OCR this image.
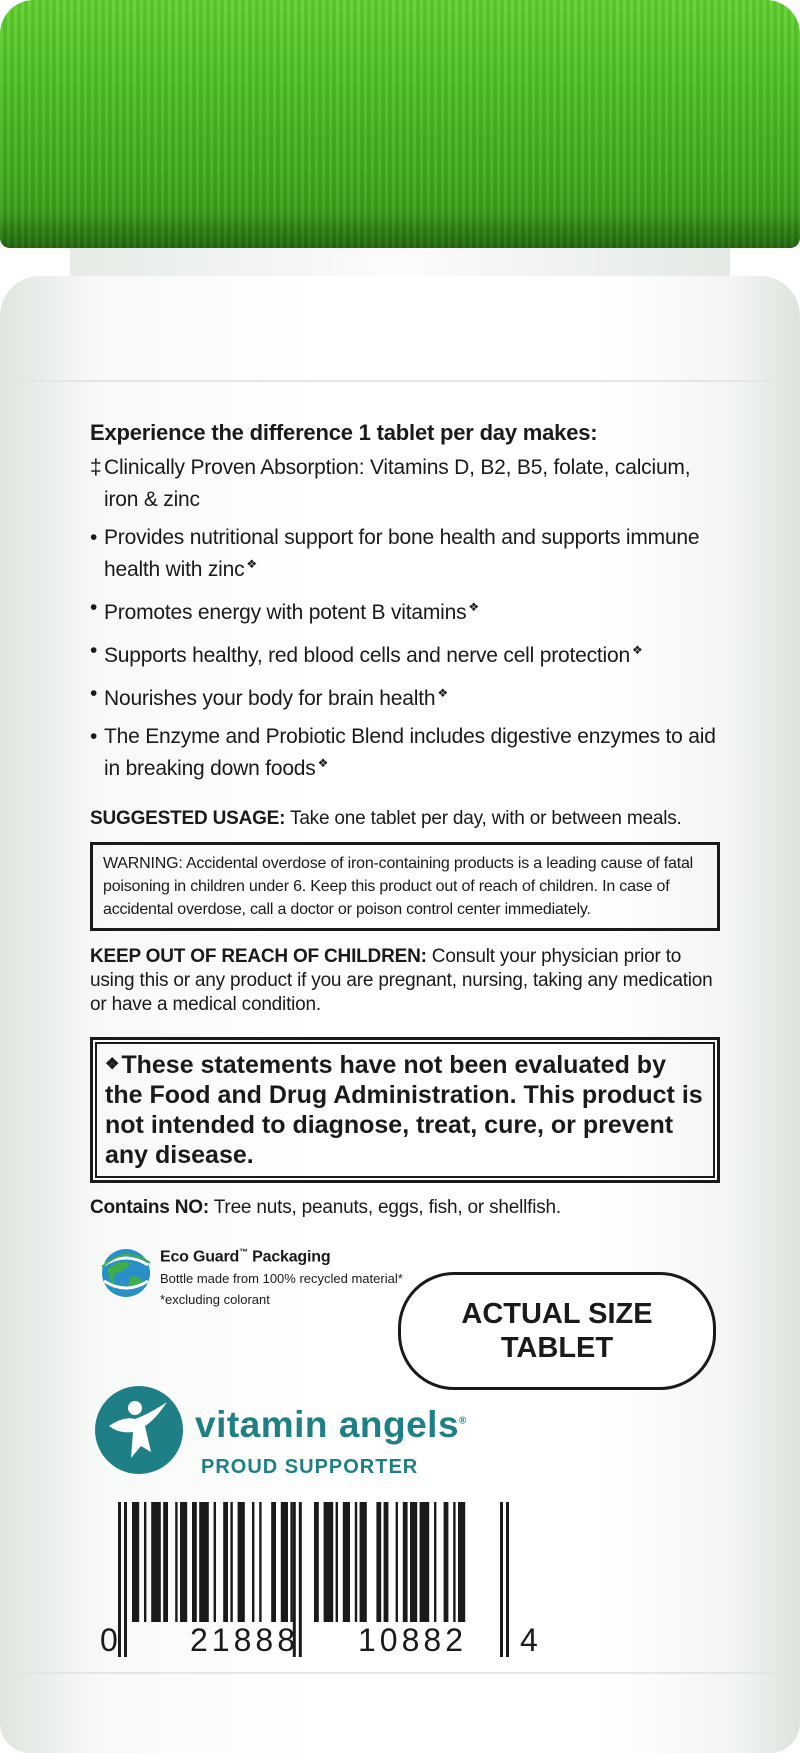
Experience the difference 1 tablet per day makes:
‡ Clinically Proven Absorption: Vitamins D, B2, B5, folate, calcium, iron & zinc
• Provides nutritional support for bone health and supports immune health with zinc ❖
• Promotes energy with potent B vitamins ❖
• Supports healthy, red blood cells and nerve cell protection ❖
• Nourishes your body for brain health ❖
• The Enzyme and Probiotic Blend includes digestive enzymes to aid in breaking down foods ❖
SUGGESTED USAGE: Take one tablet per day, with or between meals.
WARNING: Accidental overdose of iron-containing products is a leading cause of fatal poisoning in children under 6. Keep this product out of reach of children. In case of accidental overdose, call a doctor or poison control center immediately.
KEEP OUT OF REACH OF CHILDREN: Consult your physician prior to using this or any product if you are pregnant, nursing, taking any medication or have a medical condition.
❖These statements have not been evaluated by the Food and Drug Administration. This product is not intended to diagnose, treat, cure, or prevent any disease.
Contains NO: Tree nuts, peanuts, eggs, fish, or shellfish.
Eco Guard™ Packaging
Bottle made from 100% recycled material*
*excluding colorant	ACTUAL SIZE TABLET
vitamin angels®
PROUD SUPPORTER
0 21888 10882 4
